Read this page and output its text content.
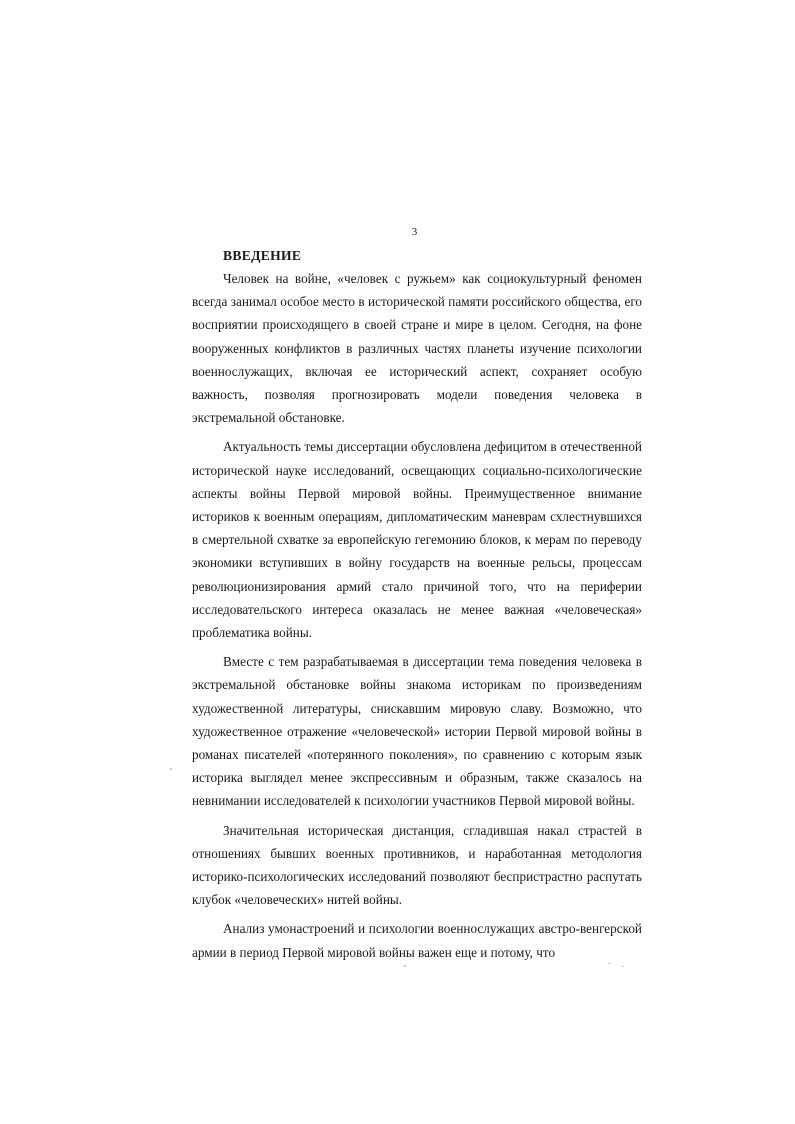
3
ВВЕДЕНИЕ

Человек на войне, «человек с ружьем» как социокультурный феномен всегда занимал особое место в исторической памяти российского общества, его восприятии происходящего в своей стране и мире в целом. Сегодня, на фоне вооруженных конфликтов в различных частях планеты изучение психологии военнослужащих, включая ее исторический аспект, сохраняет особую важность, позволяя прогнозировать модели поведения человека в экстремальной обстановке.

Актуальность темы диссертации обусловлена дефицитом в отечественной исторической науке исследований, освещающих социально-психологические аспекты войны Первой мировой войны. Преимущественное внимание историков к военным операциям, дипломатическим маневрам схлестнувшихся в смертельной схватке за европейскую гегемонию блоков, к мерам по переводу экономики вступивших в войну государств на военные рельсы, процессам революционизирования армий стало причиной того, что на периферии исследовательского интереса оказалась не менее важная «человеческая» проблематика войны.

Вместе с тем разрабатываемая в диссертации тема поведения человека в экстремальной обстановке войны знакома историкам по произведениям художественной литературы, снискавшим мировую славу. Возможно, что художественное отражение «человеческой» истории Первой мировой войны в романах писателей «потерянного поколения», по сравнению с которым язык историка выглядел менее экспрессивным и образным, также сказалось на невнимании исследователей к психологии участников Первой мировой войны.

Значительная историческая дистанция, сгладившая накал страстей в отношениях бывших военных противников, и наработанная методология историко-психологических исследований позволяют беспристрастно распутать клубок «человеческих» нитей войны.

Анализ умонастроений и психологии военнослужащих австро-венгерской армии в период Первой мировой войны важен еще и потому, что
